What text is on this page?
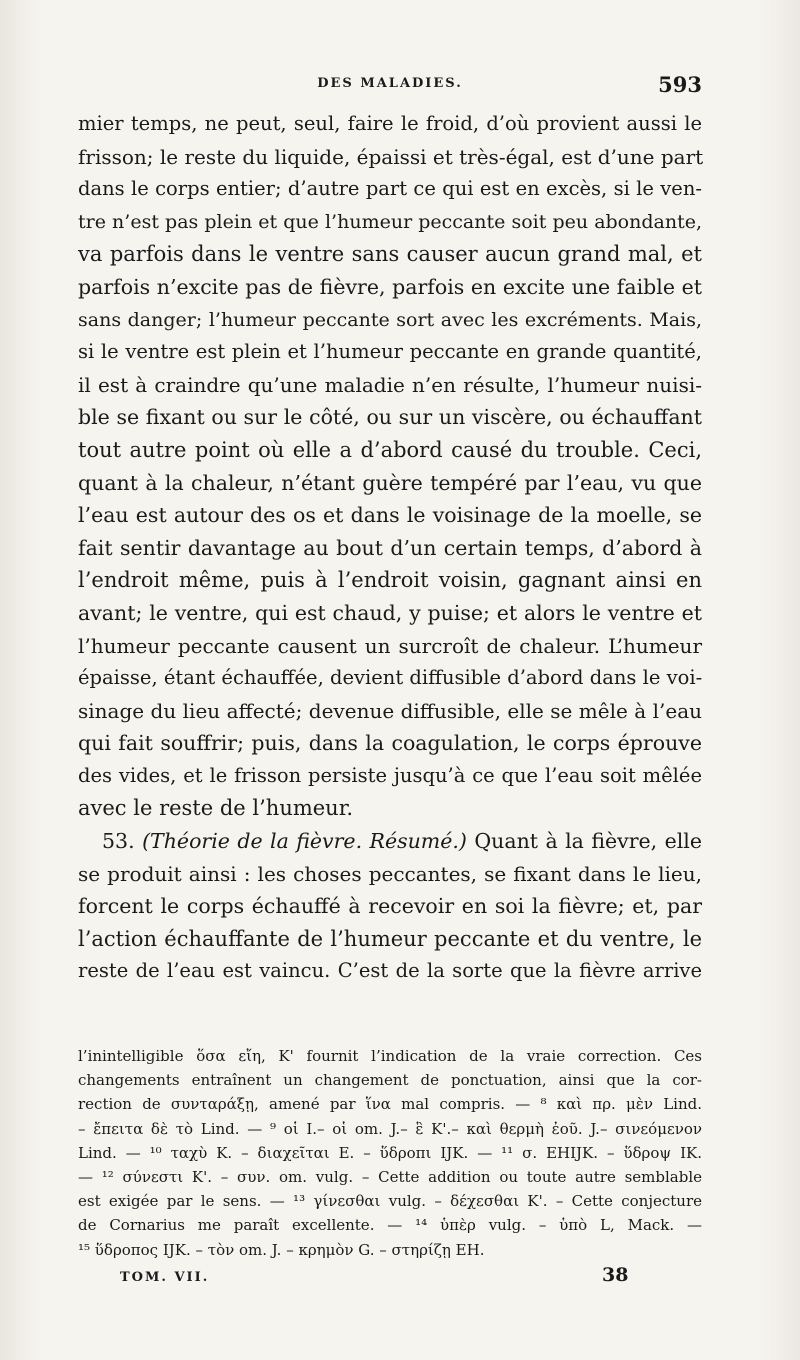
DES MALADIES.	593
mier temps, ne peut, seul, faire le froid, d’où provient aussi le
frisson; le reste du liquide, épaissi et très-égal, est d’une part
dans le corps entier; d’autre part ce qui est en excès, si le ven-
tre n’est pas plein et que l’humeur peccante soit peu abondante,
va parfois dans le ventre sans causer aucun grand mal, et
parfois n’excite pas de fièvre, parfois en excite une faible et
sans danger; l’humeur peccante sort avec les excréments. Mais,
si le ventre est plein et l’humeur peccante en grande quantité,
il est à craindre qu’une maladie n’en résulte, l’humeur nuisi-
ble se fixant ou sur le côté, ou sur un viscère, ou échauffant
tout autre point où elle a d’abord causé du trouble. Ceci,
quant à la chaleur, n’étant guère tempéré par l’eau, vu que
l’eau est autour des os et dans le voisinage de la moelle, se
fait sentir davantage au bout d’un certain temps, d’abord à
l’endroit même, puis à l’endroit voisin, gagnant ainsi en
avant; le ventre, qui est chaud, y puise; et alors le ventre et
l’humeur peccante causent un surcroît de chaleur. L’humeur
épaisse, étant échauffée, devient diffusible d’abord dans le voi-
sinage du lieu affecté; devenue diffusible, elle se mêle à l’eau
qui fait souffrir; puis, dans la coagulation, le corps éprouve
des vides, et le frisson persiste jusqu’à ce que l’eau soit mêlée
avec le reste de l’humeur.
53. (Théorie de la fièvre. Résumé.) Quant à la fièvre, elle
se produit ainsi : les choses peccantes, se fixant dans le lieu,
forcent le corps échauffé à recevoir en soi la fièvre; et, par
l’action échauffante de l’humeur peccante et du ventre, le
reste de l’eau est vaincu. C’est de la sorte que la fièvre arrive
l’inintelligible ὅσα εἴη, K' fournit l’indication de la vraie correction. Ces
changements entraînent un changement de ponctuation, ainsi que la cor-
rection de συνταράξῃ, amené par ἵνα mal compris. — ⁸ καὶ πρ. μὲν Lind.
– ἔπειτα δὲ τὸ Lind. — ⁹ οἱ I.– οἱ om. J.– ἓ K'.– καὶ θερμὴ ἐοῦ. J.– σινεόμενον
Lind. — ¹⁰ ταχὺ K. – διαχεῖται E. – ὕδροπι IJK. — ¹¹ σ. EHIJK. – ὕδροψ IK.
— ¹² σύνεστι K'. – συν. om. vulg. – Cette addition ou toute autre semblable
est exigée par le sens. — ¹³ γίνεσθαι vulg. – δέχεσθαι K'. – Cette conjecture
de Cornarius me paraît excellente. — ¹⁴ ὑπὲρ vulg. – ὑπὸ L, Mack. —
¹⁵ ὕδροπος IJK. – τὸν om. J. – κρημὸν G. – στηρίζῃ EH.
TOM. VII.	38
